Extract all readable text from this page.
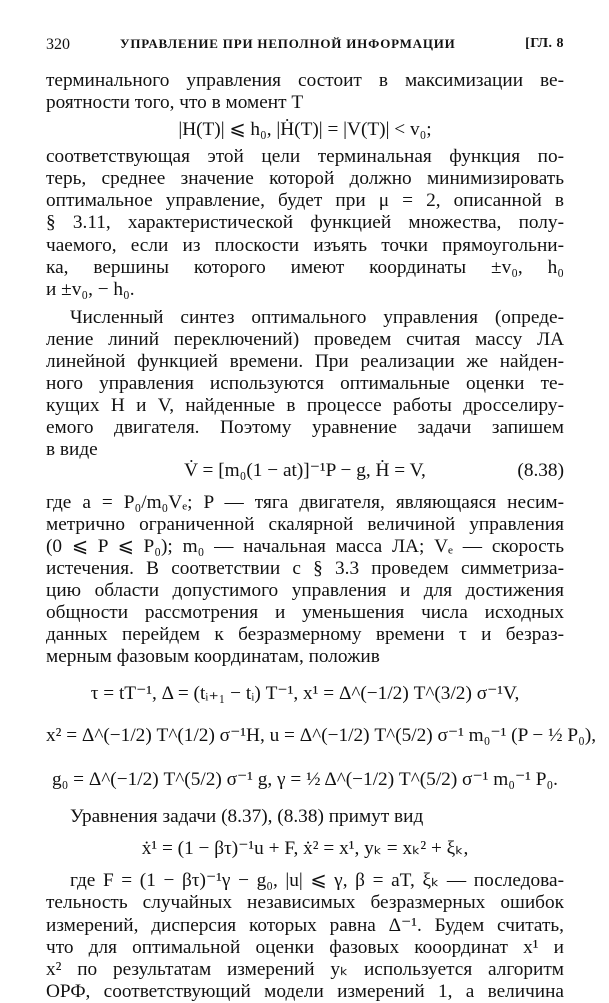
320	УПРАВЛЕНИЕ ПРИ НЕПОЛНОЙ ИНФОРМАЦИИ	[ГЛ. 8

терминального управления состоит в максимизации ве-
роятности того, что в момент T

|H(T)| ⩽ h₀, |Ḣ(T)| = |V(T)| < v₀;

соответствующая этой цели терминальная функция по-
терь, среднее значение которой должно минимизировать
оптимальное управление, будет при μ = 2, описанной в
§ 3.11, характеристической функцией множества, полу-
чаемого, если из плоскости изъять точки прямоугольни-
ка, вершины которого имеют координаты ±v₀, h₀
и ±v₀, − h₀.

Численный синтез оптимального управления (опреде-
ление линий переключений) проведем считая массу ЛА
линейной функцией времени. При реализации же найден-
ного управления используются оптимальные оценки те-
кущих H и V, найденные в процессе работы дросселиру-
емого двигателя. Поэтому уравнение задачи запишем
в виде

V̇ = [m₀(1 − at)]⁻¹P − g, Ḣ = V,	(8.38)

где a = P₀/m₀Vₑ; P — тяга двигателя, являющаяся несим-
метрично ограниченной скалярной величиной управления
(0 ⩽ P ⩽ P₀); m₀ — начальная масса ЛА; Vₑ — скорость
истечения. В соответствии с § 3.3 проведем симметриза-
цию области допустимого управления и для достижения
общности рассмотрения и уменьшения числа исходных
данных перейдем к безразмерному времени τ и безраз-
мерным фазовым координатам, положив

τ = tT⁻¹, Δ = (tᵢ₊₁ − tᵢ) T⁻¹, x¹ = Δ^(−1/2) T^(3/2) σ⁻¹V,
x² = Δ^(−1/2) T^(1/2) σ⁻¹H, u = Δ^(−1/2) T^(5/2) σ⁻¹ m₀⁻¹ (P − ½ P₀),
g₀ = Δ^(−1/2) T^(5/2) σ⁻¹ g, γ = ½ Δ^(−1/2) T^(5/2) σ⁻¹ m₀⁻¹ P₀.

Уравнения задачи (8.37), (8.38) примут вид

ẋ¹ = (1 − βτ)⁻¹u + F, ẋ² = x¹, yₖ = xₖ² + ξₖ,

где F = (1 − βτ)⁻¹γ − g₀, |u| ⩽ γ, β = aT, ξₖ — последова-
тельность случайных независимых безразмерных ошибок
измерений, дисперсия которых равна Δ⁻¹. Будем считать,
что для оптимальной оценки фазовых кооординат x¹ и
x² по результатам измерений yₖ используется алгоритм
ОРФ, соответствующий модели измерений 1, а величина
